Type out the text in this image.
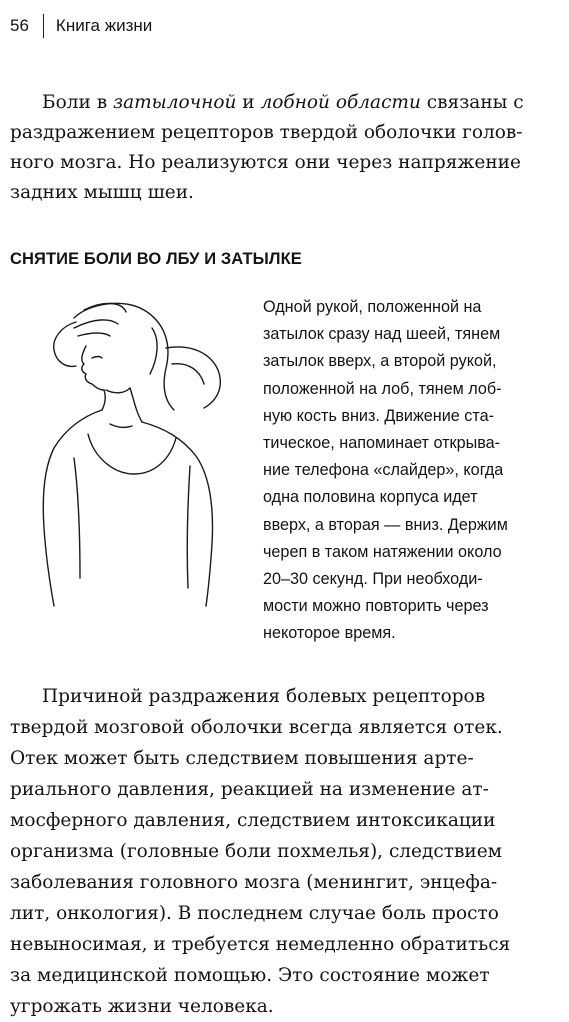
56 Книга жизни

Боли в затылочной и лобной области связаны с
раздражением рецепторов твердой оболочки голов-
ного мозга. Но реализуются они через напряжение
задних мышц шеи.

СНЯТИЕ БОЛИ ВО ЛБУ И ЗАТЫЛКЕ

Одной рукой, положенной на
затылок сразу над шеей, тянем
затылок вверх, а второй рукой,
положенной на лоб, тянем лоб-
ную кость вниз. Движение ста-
тическое, напоминает открыва-
ние телефона «слайдер», когда
одна половина корпуса идет
вверх, а вторая — вниз. Держим
череп в таком натяжении около
20–30 секунд. При необходи-
мости можно повторить через
некоторое время.

Причиной раздражения болевых рецепторов
твердой мозговой оболочки всегда является отек.
Отек может быть следствием повышения арте-
риального давления, реакцией на изменение ат-
мосферного давления, следствием интоксикации
организма (головные боли похмелья), следствием
заболевания головного мозга (менингит, энцефа-
лит, онкология). В последнем случае боль просто
невыносимая, и требуется немедленно обратиться
за медицинской помощью. Это состояние может
угрожать жизни человека.
